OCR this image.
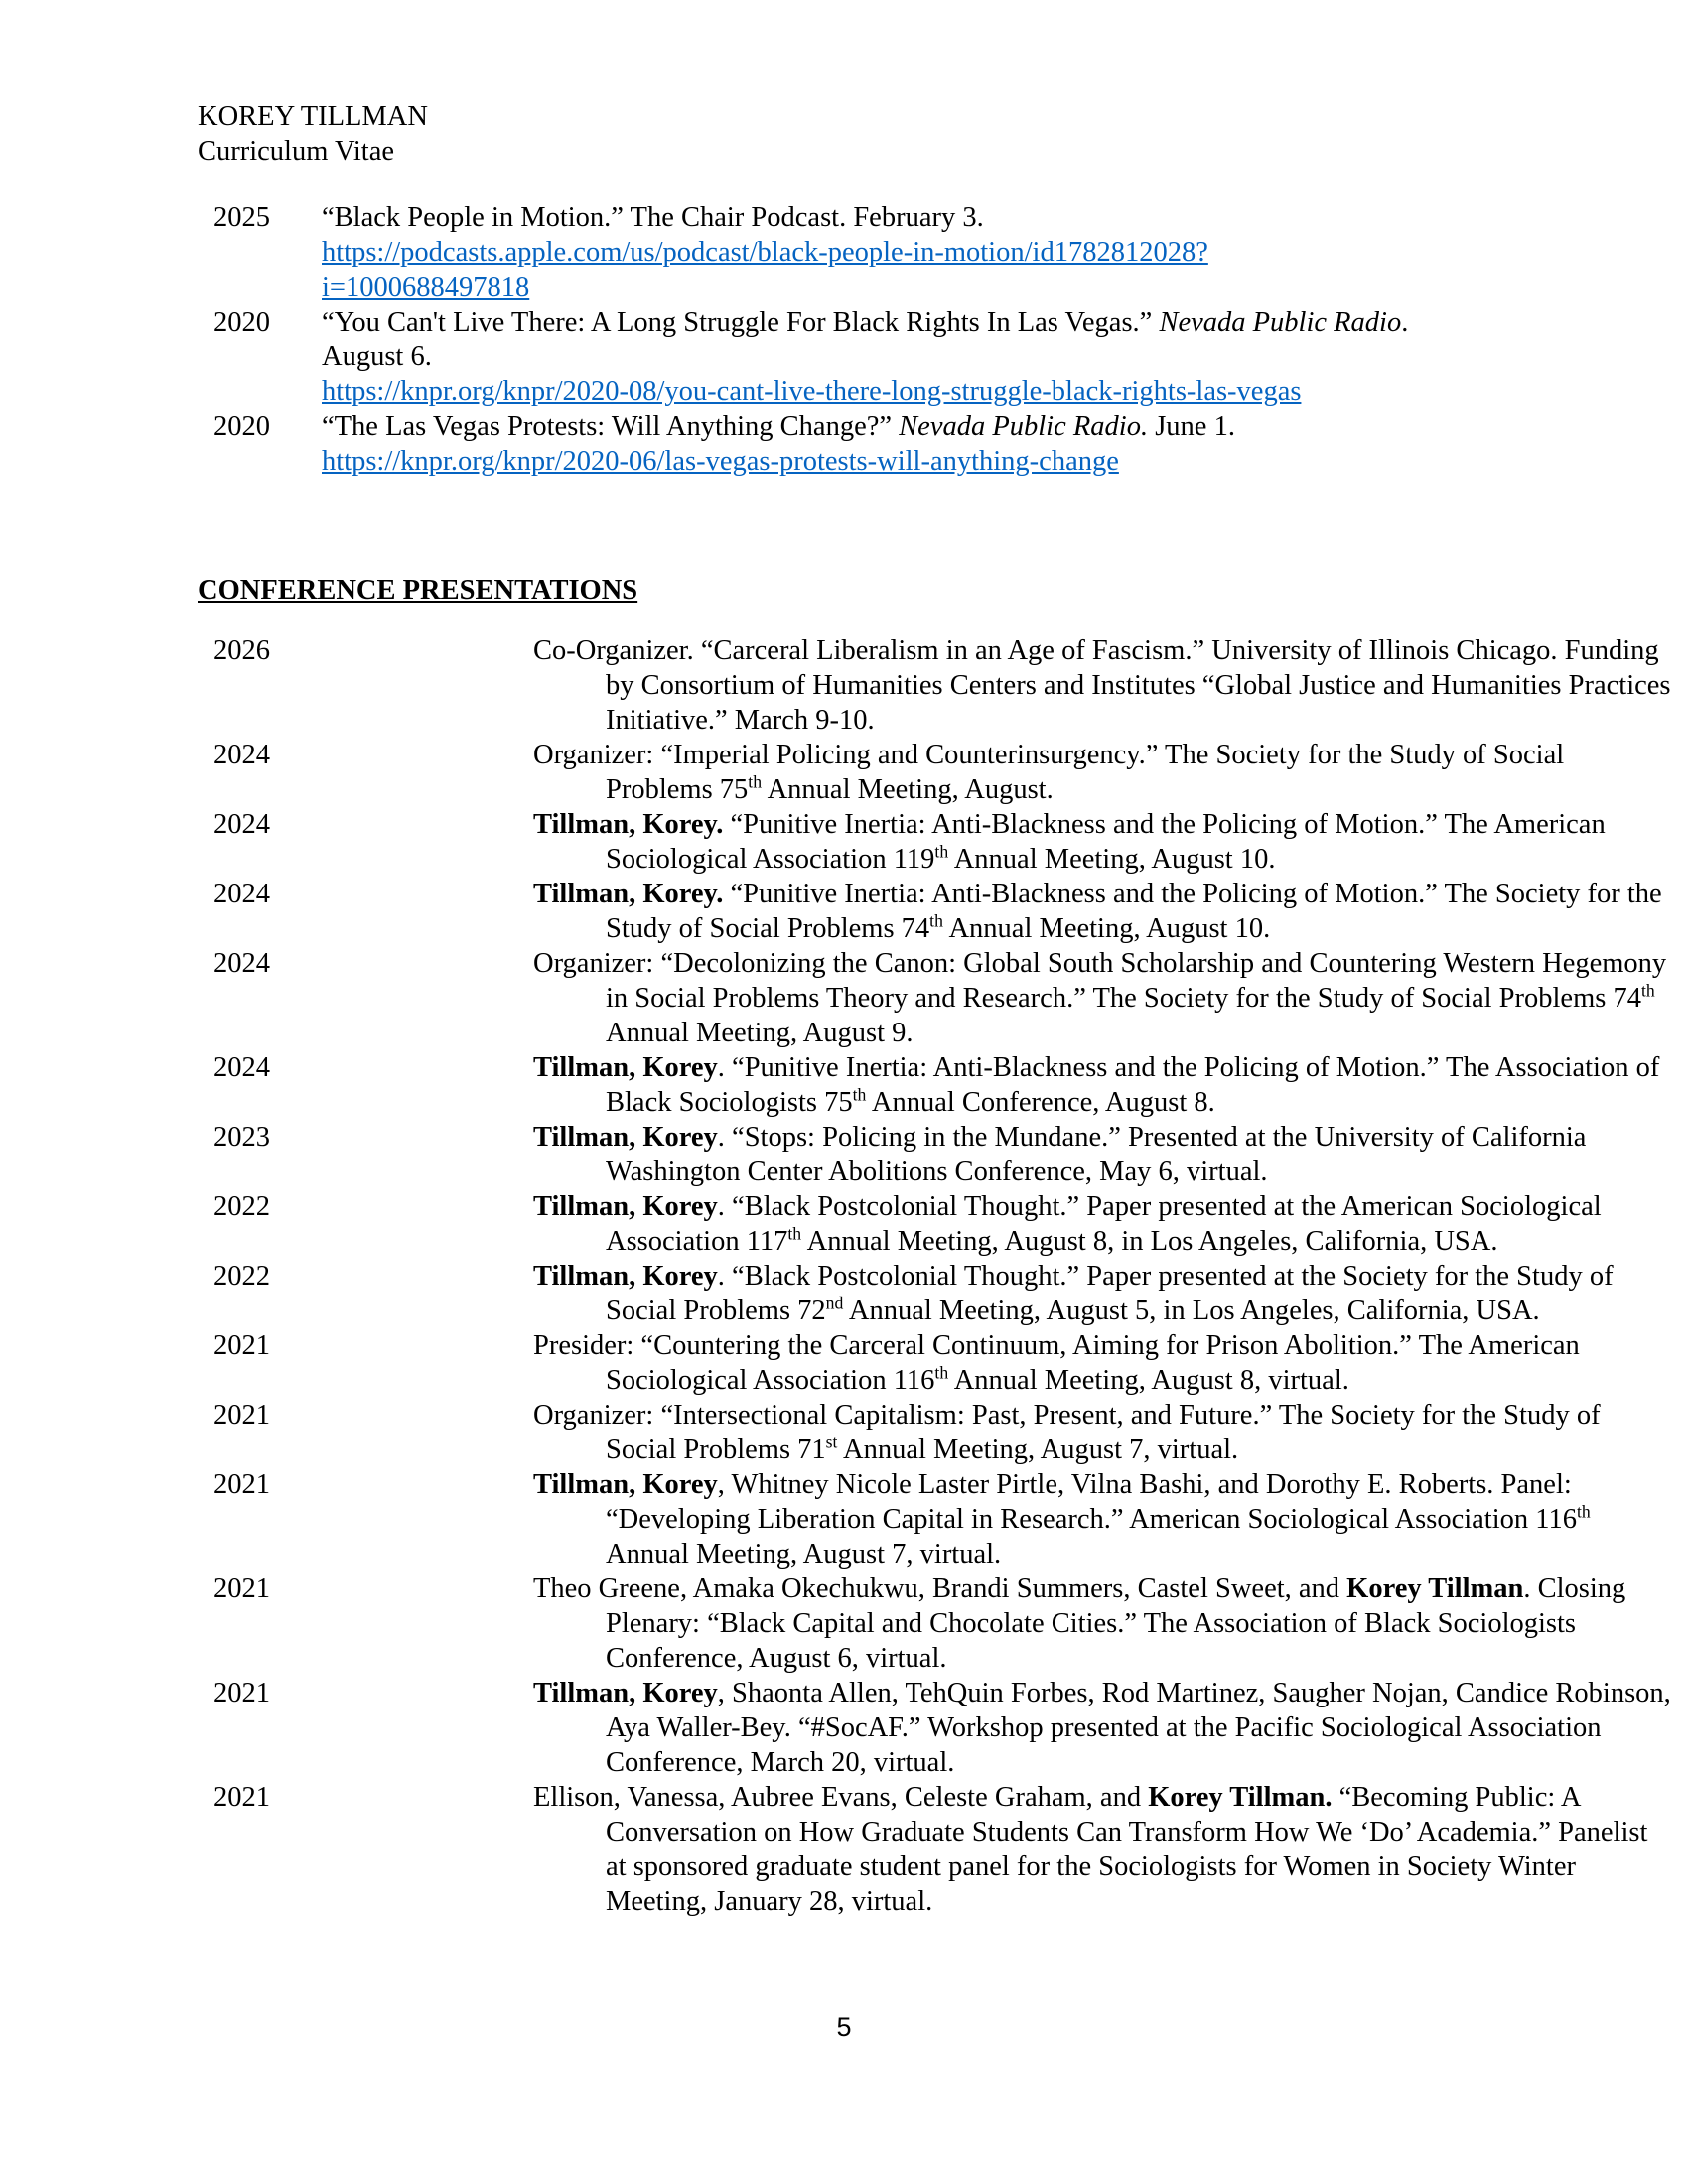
KOREY TILLMAN
Curriculum Vitae
2025 “Black People in Motion.” The Chair Podcast. February 3.
https://podcasts.apple.com/us/podcast/black-people-in-motion/id1782812028?i=1000688497818
2020 “You Can't Live There: A Long Struggle For Black Rights In Las Vegas.” Nevada Public Radio. August 6.
https://knpr.org/knpr/2020-08/you-cant-live-there-long-struggle-black-rights-las-vegas
2020 “The Las Vegas Protests: Will Anything Change?” Nevada Public Radio. June 1.
https://knpr.org/knpr/2020-06/las-vegas-protests-will-anything-change
CONFERENCE PRESENTATIONS
2026	Co-Organizer. “Carceral Liberalism in an Age of Fascism.” University of Illinois Chicago. Funding by Consortium of Humanities Centers and Institutes “Global Justice and Humanities Practices Initiative.” March 9-10.
2024	Organizer: “Imperial Policing and Counterinsurgency.” The Society for the Study of Social Problems 75th Annual Meeting, August.
2024	Tillman, Korey. “Punitive Inertia: Anti-Blackness and the Policing of Motion.” The American Sociological Association 119th Annual Meeting, August 10.
2024	Tillman, Korey. “Punitive Inertia: Anti-Blackness and the Policing of Motion.” The Society for the Study of Social Problems 74th Annual Meeting, August 10.
2024	Organizer: “Decolonizing the Canon: Global South Scholarship and Countering Western Hegemony in Social Problems Theory and Research.” The Society for the Study of Social Problems 74th Annual Meeting, August 9.
2024	Tillman, Korey. “Punitive Inertia: Anti-Blackness and the Policing of Motion.” The Association of Black Sociologists 75th Annual Conference, August 8.
2023	Tillman, Korey. “Stops: Policing in the Mundane.” Presented at the University of California Washington Center Abolitions Conference, May 6, virtual.
2022	Tillman, Korey. “Black Postcolonial Thought.” Paper presented at the American Sociological Association 117th Annual Meeting, August 8, in Los Angeles, California, USA.
2022	Tillman, Korey. “Black Postcolonial Thought.” Paper presented at the Society for the Study of Social Problems 72nd Annual Meeting, August 5, in Los Angeles, California, USA.
2021	Presider: “Countering the Carceral Continuum, Aiming for Prison Abolition.” The American Sociological Association 116th Annual Meeting, August 8, virtual.
2021	Organizer: “Intersectional Capitalism: Past, Present, and Future.” The Society for the Study of Social Problems 71st Annual Meeting, August 7, virtual.
2021	Tillman, Korey, Whitney Nicole Laster Pirtle, Vilna Bashi, and Dorothy E. Roberts. Panel: “Developing Liberation Capital in Research.” American Sociological Association 116th Annual Meeting, August 7, virtual.
2021	Theo Greene, Amaka Okechukwu, Brandi Summers, Castel Sweet, and Korey Tillman. Closing Plenary: “Black Capital and Chocolate Cities.” The Association of Black Sociologists Conference, August 6, virtual.
2021	Tillman, Korey, Shaonta Allen, TehQuin Forbes, Rod Martinez, Saugher Nojan, Candice Robinson, Aya Waller-Bey. “#SocAF.” Workshop presented at the Pacific Sociological Association Conference, March 20, virtual.
2021	Ellison, Vanessa, Aubree Evans, Celeste Graham, and Korey Tillman. “Becoming Public: A Conversation on How Graduate Students Can Transform How We ‘Do’ Academia.” Panelist at sponsored graduate student panel for the Sociologists for Women in Society Winter Meeting, January 28, virtual.
5
